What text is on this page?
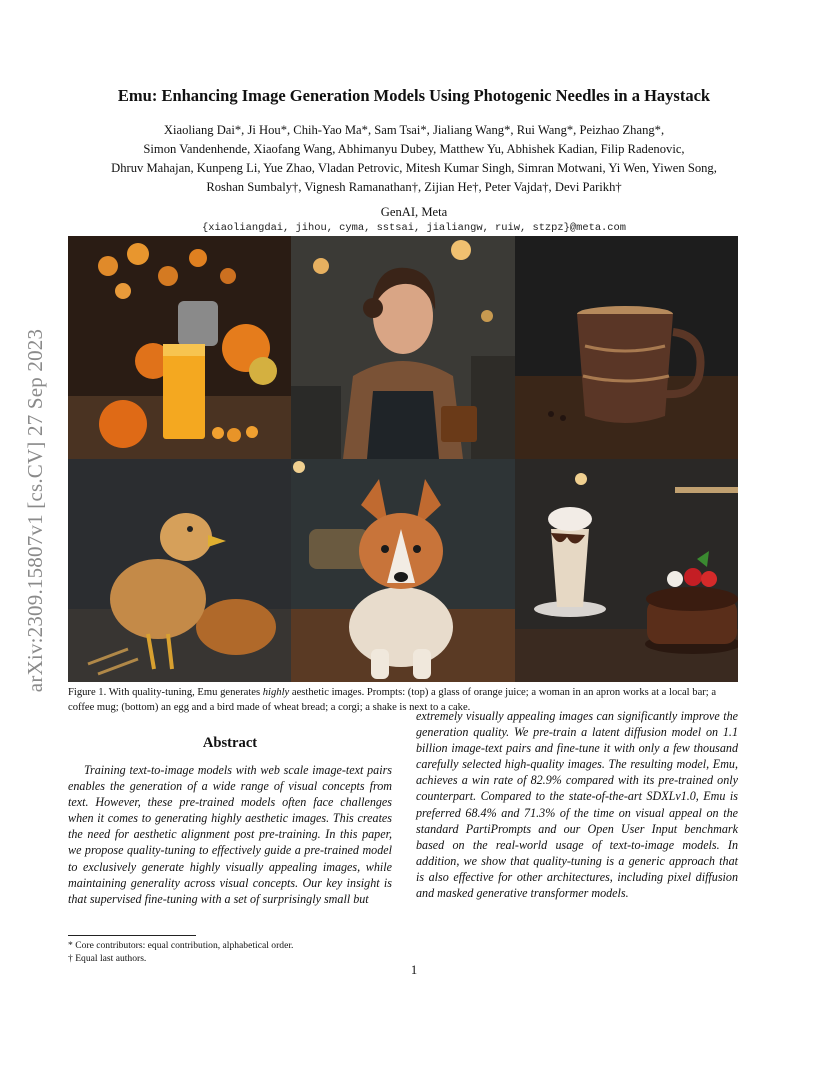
arXiv:2309.15807v1 [cs.CV] 27 Sep 2023
Emu: Enhancing Image Generation Models Using Photogenic Needles in a Haystack
Xiaoliang Dai*, Ji Hou*, Chih-Yao Ma*, Sam Tsai*, Jialiang Wang*, Rui Wang*, Peizhao Zhang*,
Simon Vandenhende, Xiaofang Wang, Abhimanyu Dubey, Matthew Yu, Abhishek Kadian, Filip Radenovic,
Dhruv Mahajan, Kunpeng Li, Yue Zhao, Vladan Petrovic, Mitesh Kumar Singh, Simran Motwani, Yi Wen, Yiwen Song,
Roshan Sumbaly†, Vignesh Ramanathan†, Zijian He†, Peter Vajda†, Devi Parikh†
GenAI, Meta
{xiaoliangdai, jihou, cyma, sstsai, jialiangw, ruiw, stzpz}@meta.com

Figure 1. With quality-tuning, Emu generates highly aesthetic images. Prompts: (top) a glass of orange juice; a woman in an apron works at a local bar; a coffee mug; (bottom) an egg and a bird made of wheat bread; a corgi; a shake is next to a cake.

Abstract

Training text-to-image models with web scale image-text pairs enables the generation of a wide range of visual concepts from text. However, these pre-trained models often face challenges when it comes to generating highly aesthetic images. This creates the need for aesthetic alignment post pre-training. In this paper, we propose quality-tuning to effectively guide a pre-trained model to exclusively generate highly visually appealing images, while maintaining generality across visual concepts. Our key insight is that supervised fine-tuning with a set of surprisingly small but

extremely visually appealing images can significantly improve the generation quality. We pre-train a latent diffusion model on 1.1 billion image-text pairs and fine-tune it with only a few thousand carefully selected high-quality images. The resulting model, Emu, achieves a win rate of 82.9% compared with its pre-trained only counterpart. Compared to the state-of-the-art SDXLv1.0, Emu is preferred 68.4% and 71.3% of the time on visual appeal on the standard PartiPrompts and our Open User Input benchmark based on the real-world usage of text-to-image models. In addition, we show that quality-tuning is a generic approach that is also effective for other architectures, including pixel diffusion and masked generative transformer models.

* Core contributors: equal contribution, alphabetical order.
† Equal last authors.
1
